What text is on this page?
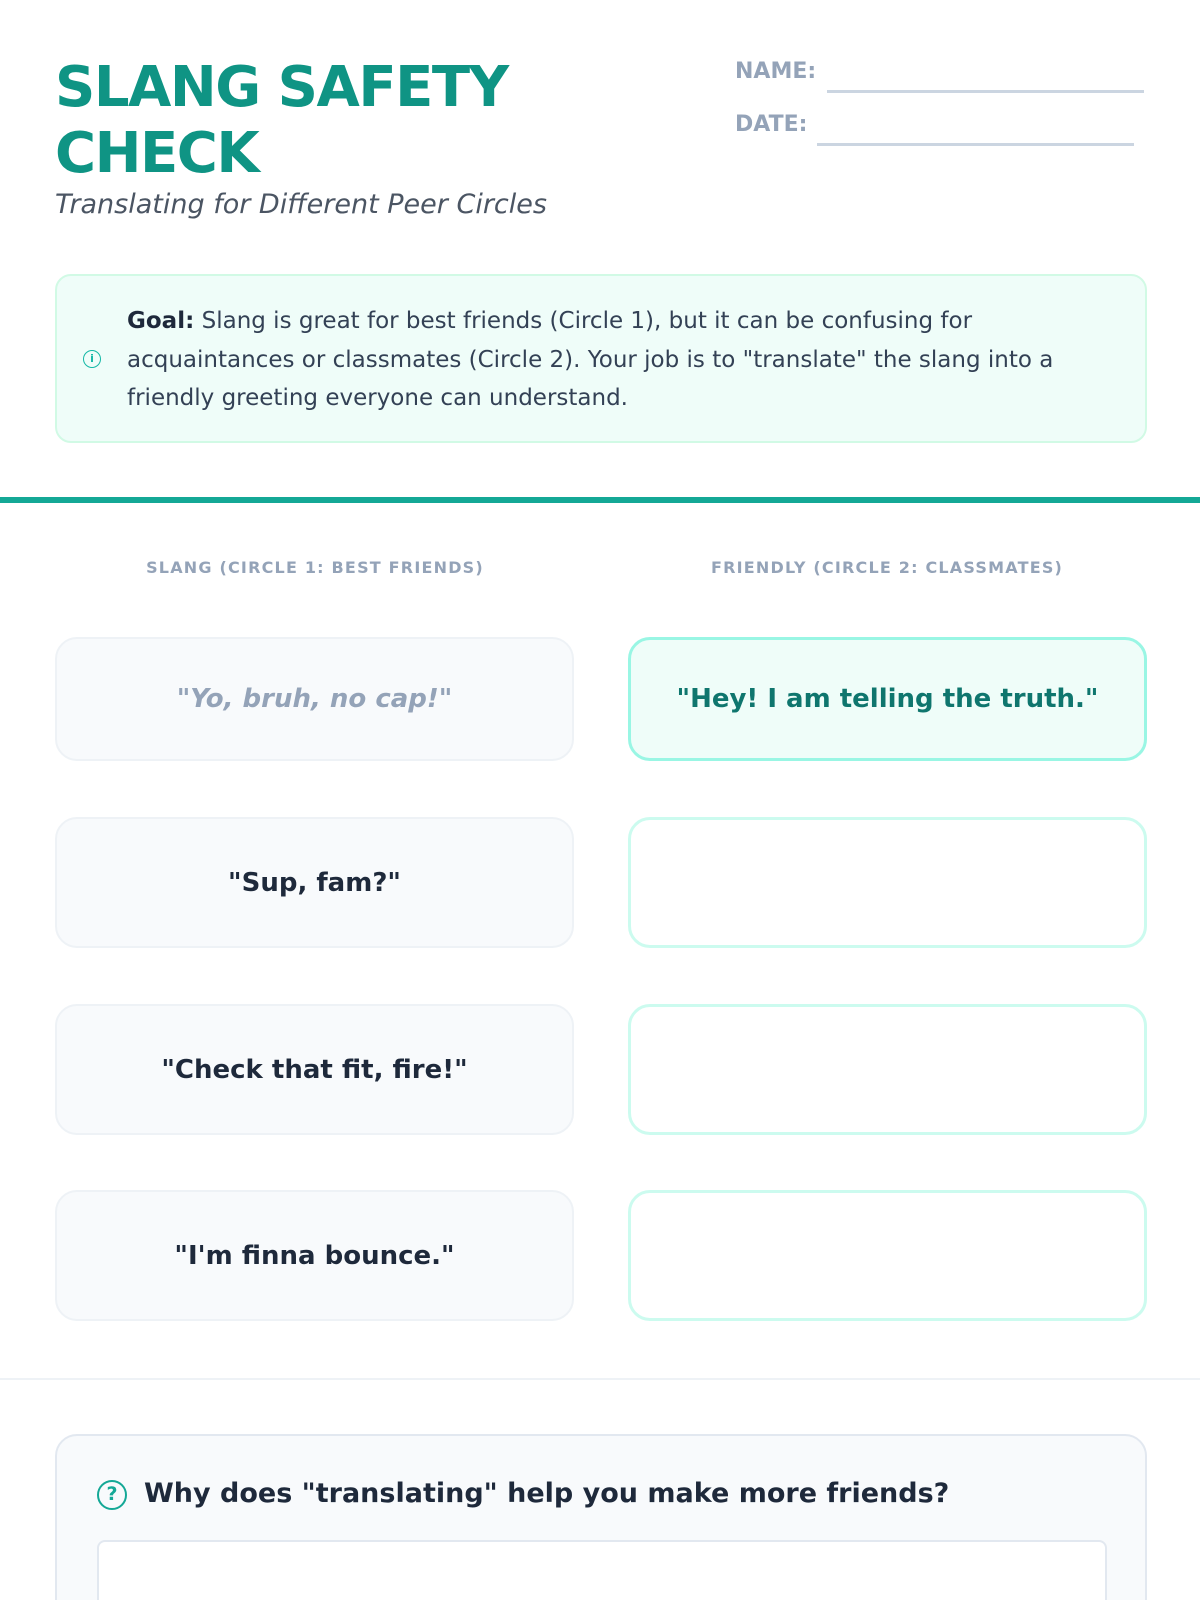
SLANG SAFETY CHECK
Translating for Different Peer Circles
NAME:
DATE:
i

Goal: Slang is great for best friends (Circle 1), but it can be confusing for acquaintances or classmates (Circle 2). Your job is to "translate" the slang into a friendly greeting everyone can understand.

SLANG (CIRCLE 1: BEST FRIENDS)	FRIENDLY (CIRCLE 2: CLASSMATES)
"Yo, bruh, no cap!"	"Hey! I am telling the truth."
"Sup, fam?"
"Check that fit, fire!"
"I'm finna bounce."
? Why does "translating" help you make more friends?
